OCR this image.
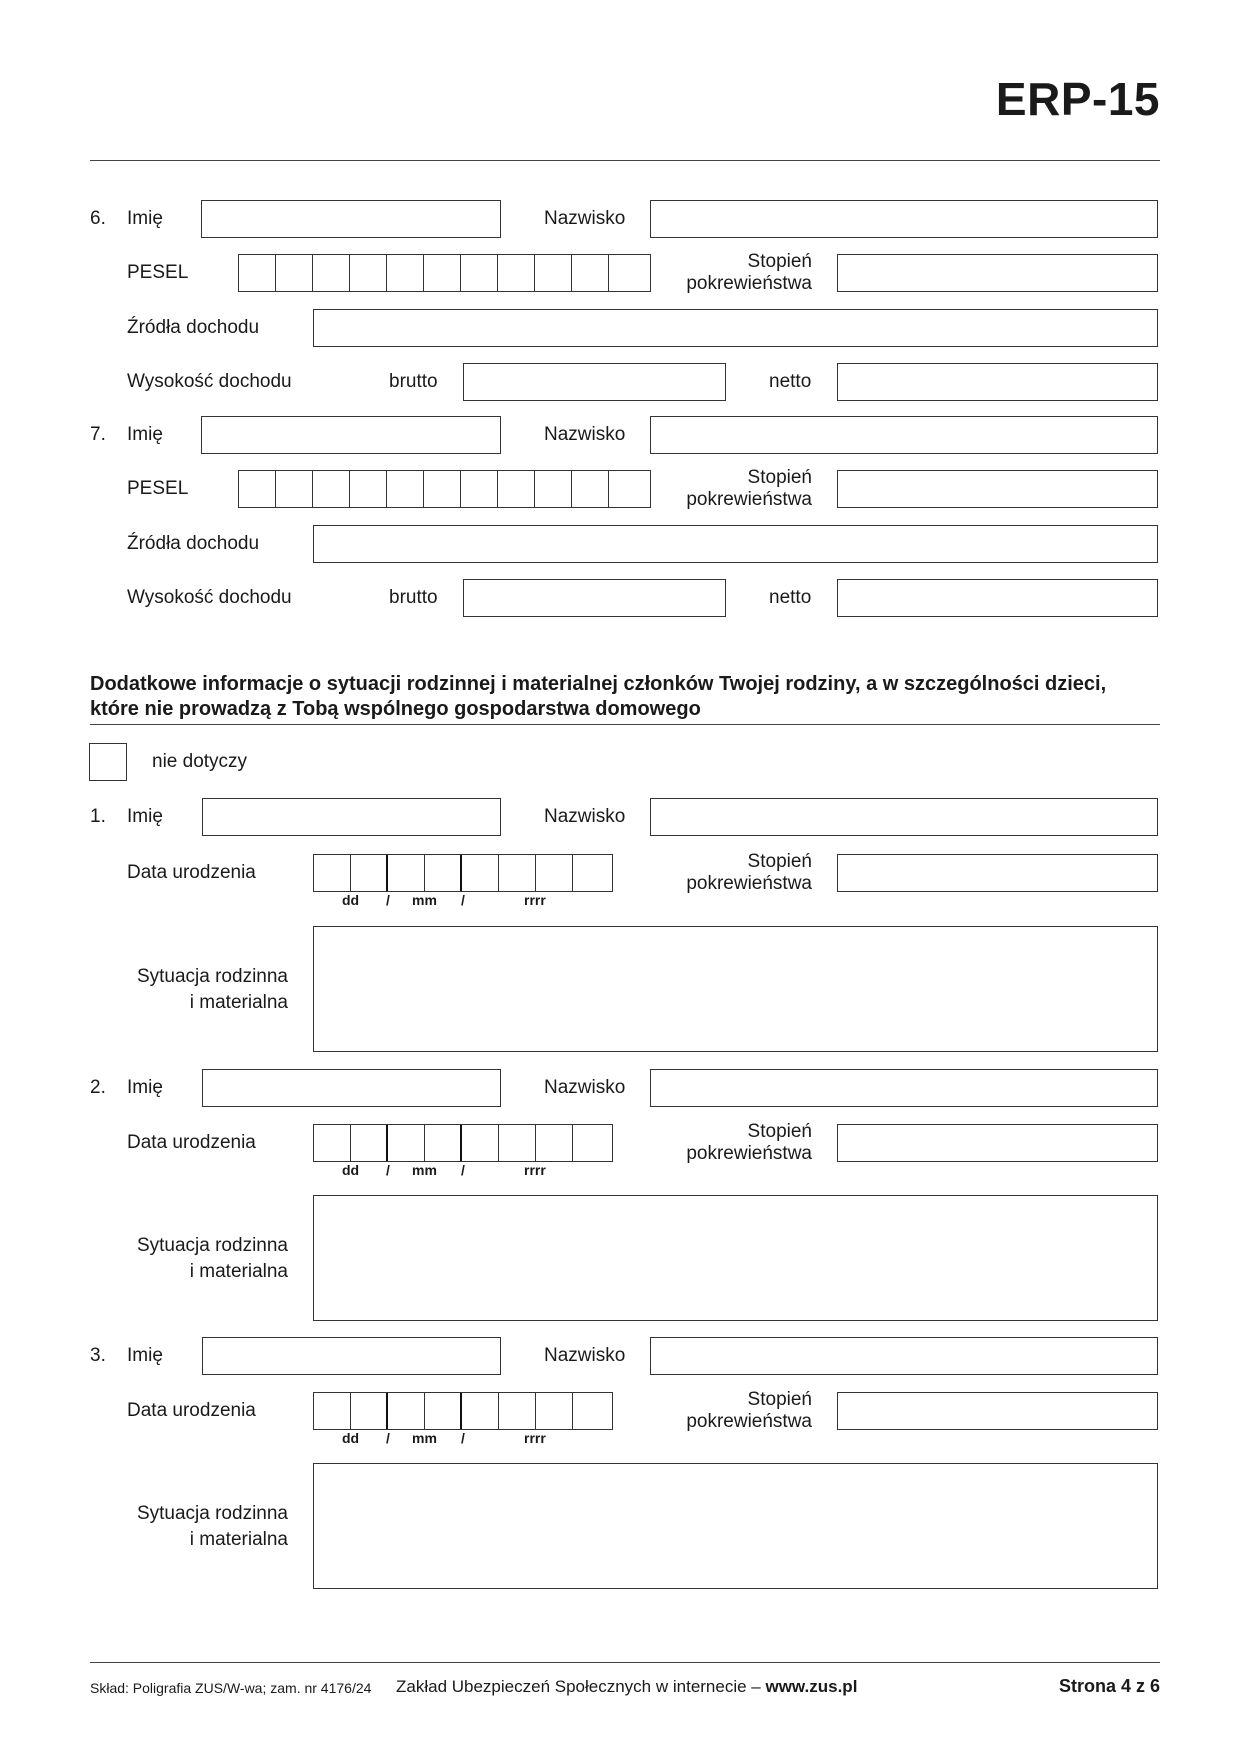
ERP-15
6. Imię	Nazwisko
PESEL
Stopień
pokrewieństwa
Źródła dochodu
Wysokość dochodu	brutto	netto
7. Imię	Nazwisko
PESEL
Stopień
pokrewieństwa
Źródła dochodu
Wysokość dochodu	brutto	netto
Dodatkowe informacje o sytuacji rodzinnej i materialnej członków Twojej rodziny, a w szczególności dzieci,
które nie prowadzą z Tobą wspólnego gospodarstwa domowego
nie dotyczy
1. Imię	Nazwisko
Data urodzenia
dd / mm /	rrrr
Stopień
pokrewieństwa
Sytuacja rodzinna
i materialna
2. Imię	Nazwisko
Data urodzenia
dd / mm /	rrrr
Stopień
pokrewieństwa
Sytuacja rodzinna
i materialna
3. Imię	Nazwisko
Data urodzenia
dd / mm /	rrrr
Stopień
pokrewieństwa
Sytuacja rodzinna
i materialna
Skład: Poligrafia ZUS/W-wa; zam. nr 4176/24 Zakład Ubezpieczeń Społecznych w internecie – www.zus.pl	Strona 4 z 6
